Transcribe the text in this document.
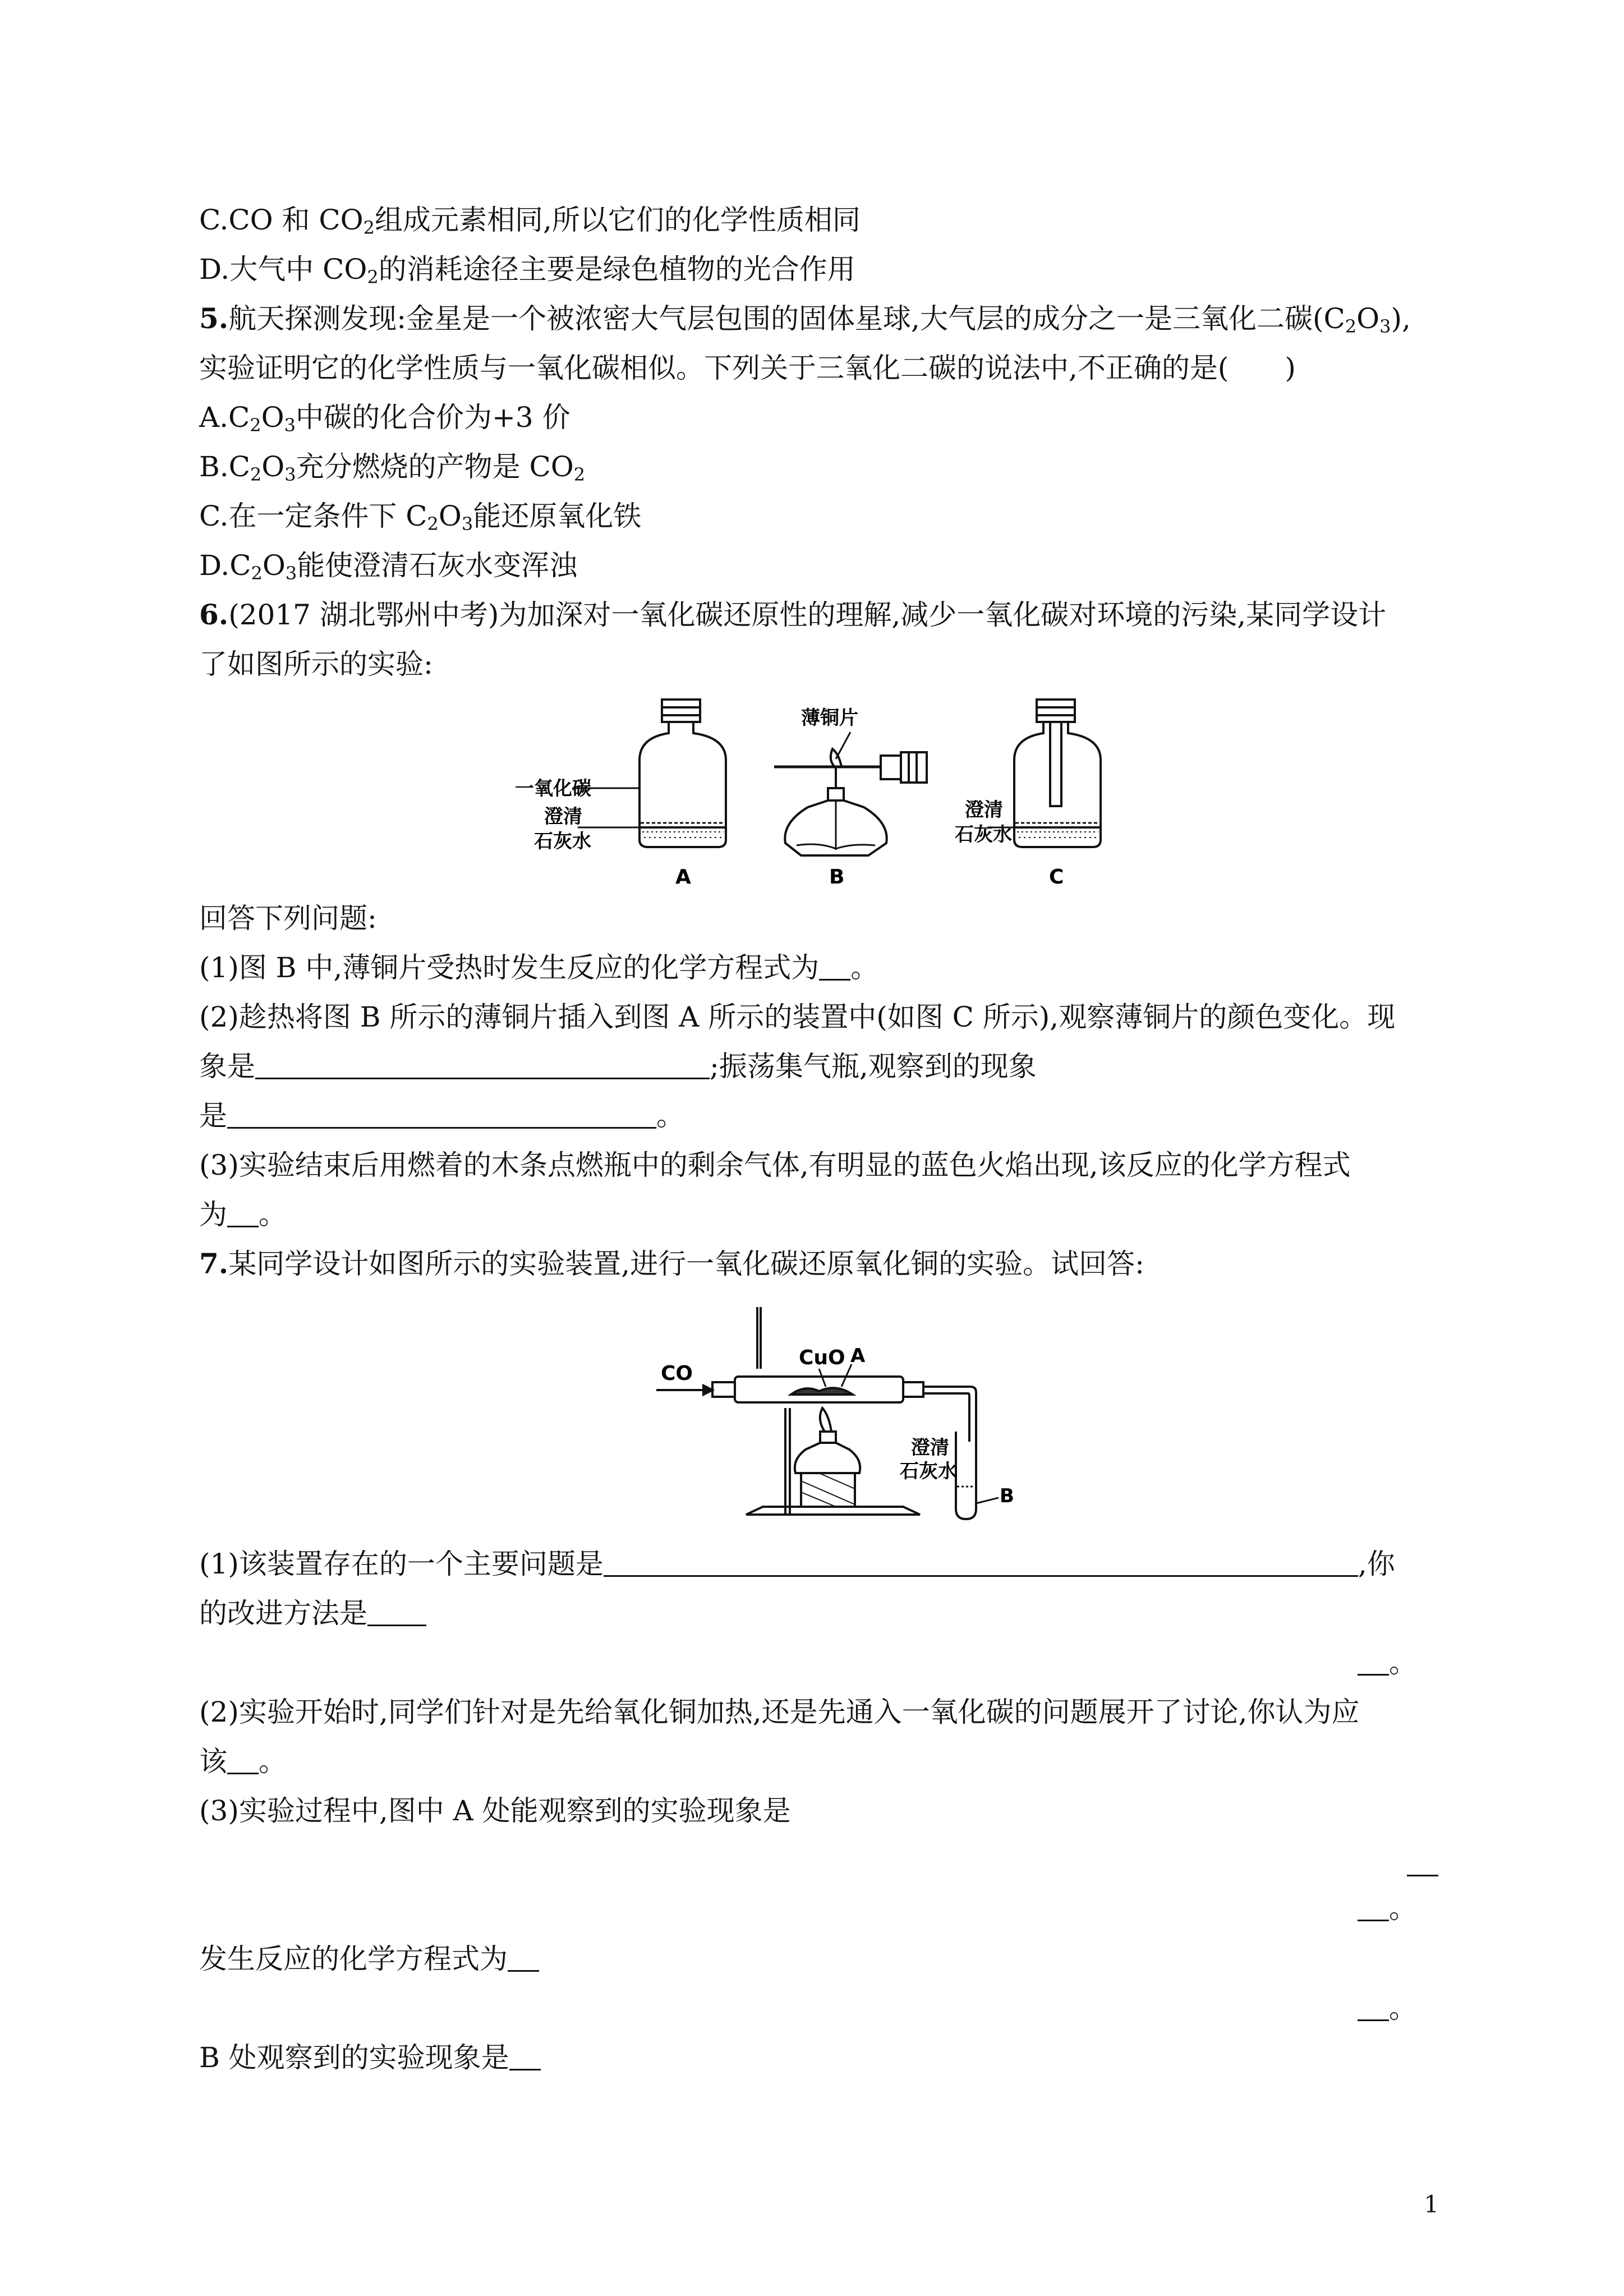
C.CO 和 $CO_2$组成元素相同,所以它们的化学性质相同
D.大气中 $CO_2$的消耗途径主要是绿色植物的光合作用
5.航天探测发现:金星是一个被浓密大气层包围的固体星球,大气层的成分之一是三氧化二碳$(C_2O_3)$,
实验证明它的化学性质与一氧化碳相似。下列关于三氧化二碳的说法中,不正确的是(　　)
$A.C_2O_3$中碳的化合价为+3 价
$B.C_2O_3$充分燃烧的产物是 $CO_2$
C.在一定条件下 $C_2O_3$能还原氧化铁
$D.C_2O_3$能使澄清石灰水变浑浊
6.(2017 湖北鄂州中考)为加深对一氧化碳还原性的理解,减少一氧化碳对环境的污染,某同学设计
了如图所示的实验:
一氧化碳
澄清
石灰水
A
薄铜片
B
澄清
石灰水
C
回答下列问题:
(1)图 B 中,薄铜片受热时发生反应的化学方程式为 。
(2)趁热将图 B 所示的薄铜片插入到图 A 所示的装置中(如图 C 所示),观察薄铜片的颜色变化。现
象是	;振荡集气瓶,观察到的现象
是	。
(3)实验结束后用燃着的木条点燃瓶中的剩余气体,有明显的蓝色火焰出现,该反应的化学方程式
为 。
7.某同学设计如图所示的实验装置,进行一氧化碳还原氧化铜的实验。试回答:
CO
CuO A
澄清
石灰水
B
(1)该装置存在的一个主要问题是	,你
的改进方法是
。
(2)实验开始时,同学们针对是先给氧化铜加热,还是先通入一氧化碳的问题展开了讨论,你认为应
该 。
(3)实验过程中,图中 A 处能观察到的实验现象是
。
发生反应的化学方程式为
。
B 处观察到的实验现象是
1
